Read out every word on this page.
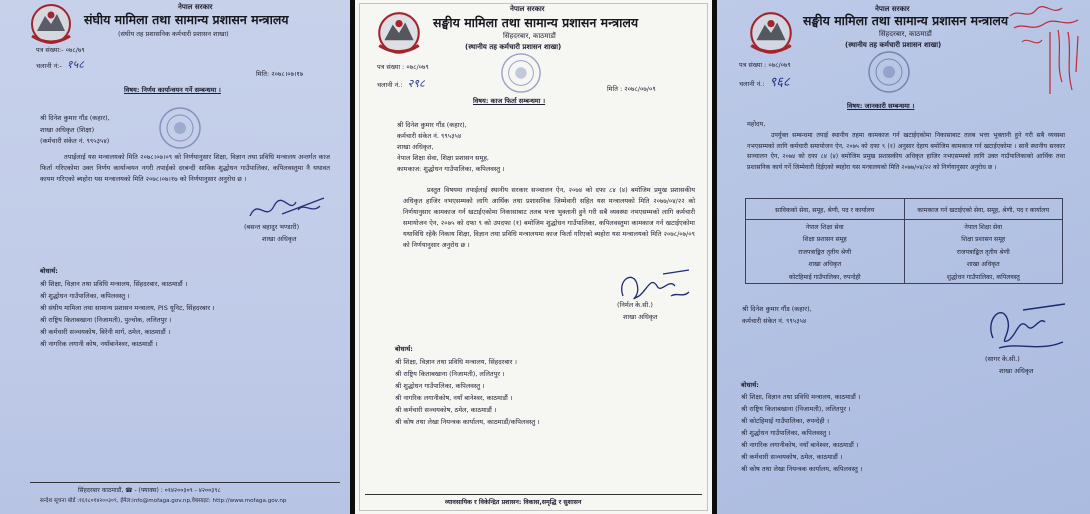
नेपाल सरकार
संघीय मामिला तथा सामान्य प्रशासन मन्त्रालय
(संघीय तह प्रशासनिक कर्मचारी प्रशासन शाखा)
पत्र संख्या:- ०७८/७९
चलानी नं:- १५८
मिति: २०७८।०७।१७
विषय: निर्णय कार्यान्वयन गर्ने सम्बन्धमा ।
श्री दिनेश कुमार गौंड (कहार),
शाखा अधिकृत (शिक्षा)
(कर्मचारी संकेत नं. ९९५३५४)
तपाईलाई यस मन्त्रालयको मिति २०७८।०७।०९ को निर्णयानुसार शिक्षा, विज्ञान तथा प्रविधि मन्त्रालय अन्तर्गत काज फिर्ता गरिएकोमा उक्त निर्णय कार्यान्वयन नगरी तपाईको दरबन्दी साविक शुद्धोधन गाउँपालिका, कपिलवस्तुमा नै यथावत कायम गरिएको ब्यहोरा यस मन्त्रालयको मिति २०७८।०७।१७ को निर्णयानुसार अनुरोध छ ।
(बसन्त बहादुर भण्डारी)
शाखा अधिकृत
बोधार्थ:
श्री शिक्षा, विज्ञान तथा प्रविधि मन्त्रालय, सिंहदरबार, काठमाडौं ।
श्री शुद्धोधन गाउँपालिका, कपिलवस्तु ।
श्री संघीय मामिला तथा सामान्य प्रशासन मन्त्रालय, PIS यूनिट, सिंहदरबार ।
श्री राष्ट्रिय किताबखाना (निजामती), पुल्चोक, ललितपुर ।
श्री कर्मचारी सञ्चयकोष, बिरेनी मार्ग, ठमेल, काठमाडौं ।
श्री नागरिक लगानी कोष, नयाँबानेश्वर, काठमाडौं ।
सिंहदरबार काठमाडौं, ☎ - (फ्याक्स) : ०१४२००३०९ - ४२००३९८
सन्देश सूचना बोर्ड :१६१८०१४२००३०९, ईमेल:info@mofaga.gov.np,वेबसाइट: http://www.mofaga.gov.np
नेपाल सरकार
सङ्घीय मामिला तथा सामान्य प्रशासन मन्त्रालय
सिंहदरबार, काठमाडौं
(स्थानीय तह कर्मचारी प्रशासन शाखा)
पत्र संख्या : ०७८/०७९
चलानी नं.: २९८	मिति : २०७८/०७/०९
विषय: काज फिर्ता सम्बन्धमा ।
श्री दिनेश कुमार गौंड (कहार),
कर्मचारी संकेत नं. ९९५३५४
शाखा अधिकृत,
नेपाल शिक्षा सेवा, शिक्षा प्रशासन समूह,
कामकाज: शुद्धोधन गाउँपालिका, कपिलवस्तु ।
प्रस्तुत विषयमा तपाईलाई स्थानीय सरकार सञ्चालन ऐन, २०७४ को दफा ८४ (४) बमोजिम प्रमुख प्रशासकीय अधिकृत हाजिर नभएसम्मको लागि आर्थिक तथा प्रशासनिक जिम्मेवारी सहित यस मन्त्रालयको मिति २०७७/०४/२२ को निर्णयानुसार कामकाज गर्न खटाईएकोमा निकासाबाट तलब भत्ता भुक्तानी हुने गरी सबै व्यवस्था नभएसम्मको लागि कर्मचारी समायोजन ऐन, २०७५ को दफा ९ को उपदफा (१) बमोजिम शुद्धोधन गाउँपालिका, कपिलवस्तुमा कामकाज गर्न खटाईएकोमा यथाविधि रहेकै निकाय शिक्षा, विज्ञान तथा प्रविधि मन्त्रालयमा काज फिर्ता गरिएको ब्यहोरा यस मन्त्रालयको मिति २०७८/०७/०९ को निर्णयानुसार अनुरोध छ ।
(निर्मल के.सी.)
शाखा अधिकृत
बोधार्थ:
श्री शिक्षा, विज्ञान तथा प्रविधि मन्त्रालय, सिंहदरबार ।
श्री राष्ट्रिय किताबखाना (निजामती), ललितपुर ।
श्री शुद्धोधन गाउँपालिका, कपिलवस्तु ।
श्री नागरिक लगानीकोष, नयाँ बानेश्वर, काठमाडौं ।
श्री कर्मचारी सञ्चयकोष, ठमेल, काठमाडौं ।
श्री कोष तथा लेखा नियन्त्रक कार्यालय, काठमाडौं/कपिलवस्तु ।
व्यावसायिक र विकेन्द्रित प्रशासन: विकास,समृद्धि र सुशासन
नेपाल सरकार
सङ्घीय मामिला तथा सामान्य प्रशासन मन्त्रालय
सिंहदरबार, काठमाडौं
(स्थानीय तह कर्मचारी प्रशासन शाखा)
पत्र संख्या : ०७८/०७९
चलानी नं.: ९६८
विषय: जानकारी सम्बन्धमा ।
महोदय,
उपर्युक्त सम्बन्धमा तपाई स्थानीय तहमा कामकाज गर्न खटाईएकोमा निकासाबाट तलब भत्ता भुक्तानी हुने गरी सबै व्यवस्था नभएसम्मको लागि कर्मचारी समायोजन ऐन, २०७५ को दफा ९ (१) अनुसार देहाय बमोजिम कामकाज गर्न खटाईएकोमा । साथै स्थानीय सरकार सञ्चालन ऐन, २०७४ को दफा ८४ (४) बमोजिम प्रमुख प्रशासकीय अधिकृत हाजिर नभएसम्मको लागि उक्त गाउँपालिकाको आर्थिक तथा प्रशासनिक कार्य गर्ने जिम्मेवारी दिईएको ब्यहोरा यस मन्त्रालयको मिति २०७७/०४/२२ को निर्णयानुसार अनुरोध छ ।
साविकको सेवा, समूह, श्रेणी, पद र कार्यालय	कामकाज गर्न खटाईएको सेवा, समूह, श्रेणी, पद र कार्यालय
नेपाल शिक्षा सेवा	नेपाल शिक्षा सेवा
शिक्षा प्रशासन समूह	शिक्षा प्रशासन समूह
राजपत्राङ्कित तृतीय श्रेणी	राजपत्राङ्कित तृतीय श्रेणी
शाखा अधिकृत	शाखा अधिकृत
कोटहिमाई गाउँपालिका, रुपन्देही	शुद्धोधन गाउँपालिका, कपिलवस्तु
श्री दिनेश कुमार गौंड (कहार),
कर्मचारी संकेत नं. ९९५३५४
(सागर के.सी.)
शाखा अधिकृत
बोधार्थ:
श्री शिक्षा, विज्ञान तथा प्रविधि मन्त्रालय, काठमाडौं ।
श्री राष्ट्रिय किताबखाना (निजामती), ललितपुर ।
श्री कोटहिमाई गाउँपालिका, रुपन्देही ।
श्री शुद्धोधन गाउँपालिका, कपिलवस्तु ।
श्री नागरिक लगानीकोष, नयाँ बानेश्वर, काठमाडौं ।
श्री कर्मचारी सञ्चयकोष, ठमेल, काठमाडौं ।
श्री कोष तथा लेखा नियन्त्रक कार्यालय, कपिलवस्तु ।
